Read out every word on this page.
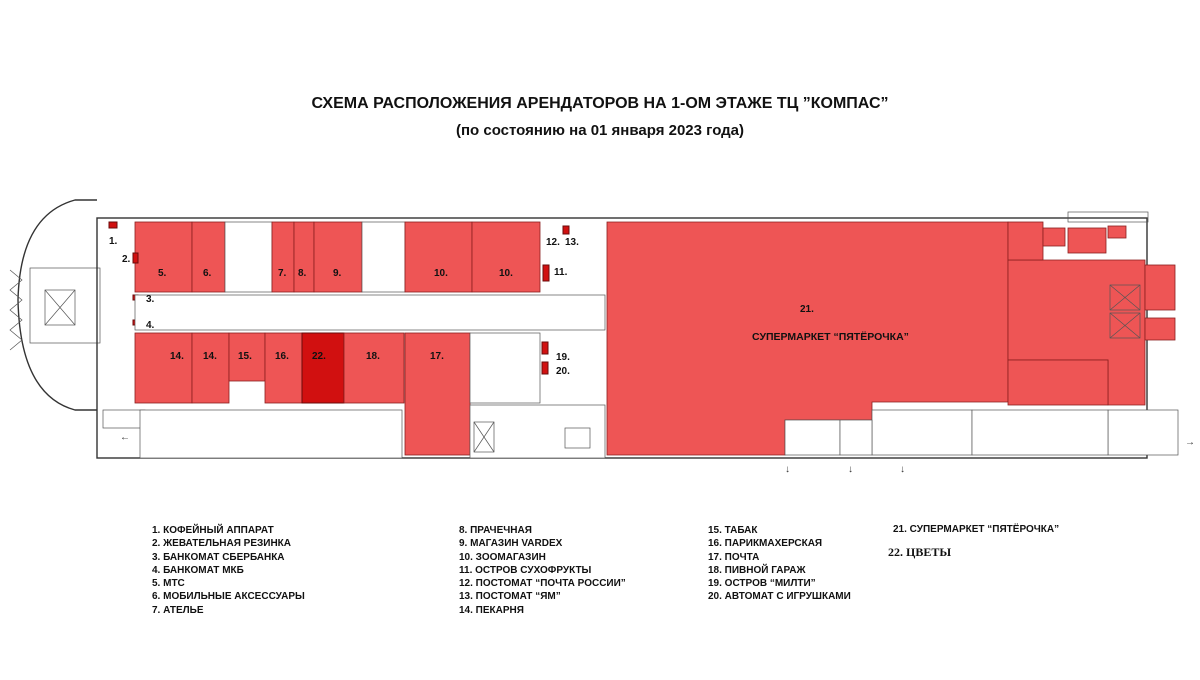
СХЕМА РАСПОЛОЖЕНИЯ АРЕНДАТОРОВ НА 1-ОМ ЭТАЖЕ ТЦ ”КОМПАС”
(по состоянию на 01 января 2023 года)
1.
2.
3.
4.
5.	6.	7. 8.	9.	10.	10.	11.
12. 13.
14. 14. 15. 16. 22.	18.	17.	19.
20.
21.
СУПЕРМАРКЕТ “ПЯТЁРОЧКА”
↓	↓	↓
→
←
1. КОФЕЙНЫЙ АППАРАТ
2. ЖЕВАТЕЛЬНАЯ РЕЗИНКА
3. БАНКОМАТ СБЕРБАНКА
4. БАНКОМАТ МКБ
5. МТС
6. МОБИЛЬНЫЕ АКСЕССУАРЫ
7. АТЕЛЬЕ
8. ПРАЧЕЧНАЯ
9. МАГАЗИН VARDEX
10. ЗООМАГАЗИН
11. ОСТРОВ СУХОФРУКТЫ
12. ПОСТОМАТ “ПОЧТА РОССИИ”
13. ПОСТОМАТ “ЯМ”
14. ПЕКАРНЯ
15. ТАБАК
16. ПАРИКМАХЕРСКАЯ
17. ПОЧТА
18. ПИВНОЙ ГАРАЖ
19. ОСТРОВ “МИЛТИ”
20. АВТОМАТ С ИГРУШКАМИ
21. СУПЕРМАРКЕТ “ПЯТЁРОЧКА”
22. ЦВЕТЫ
